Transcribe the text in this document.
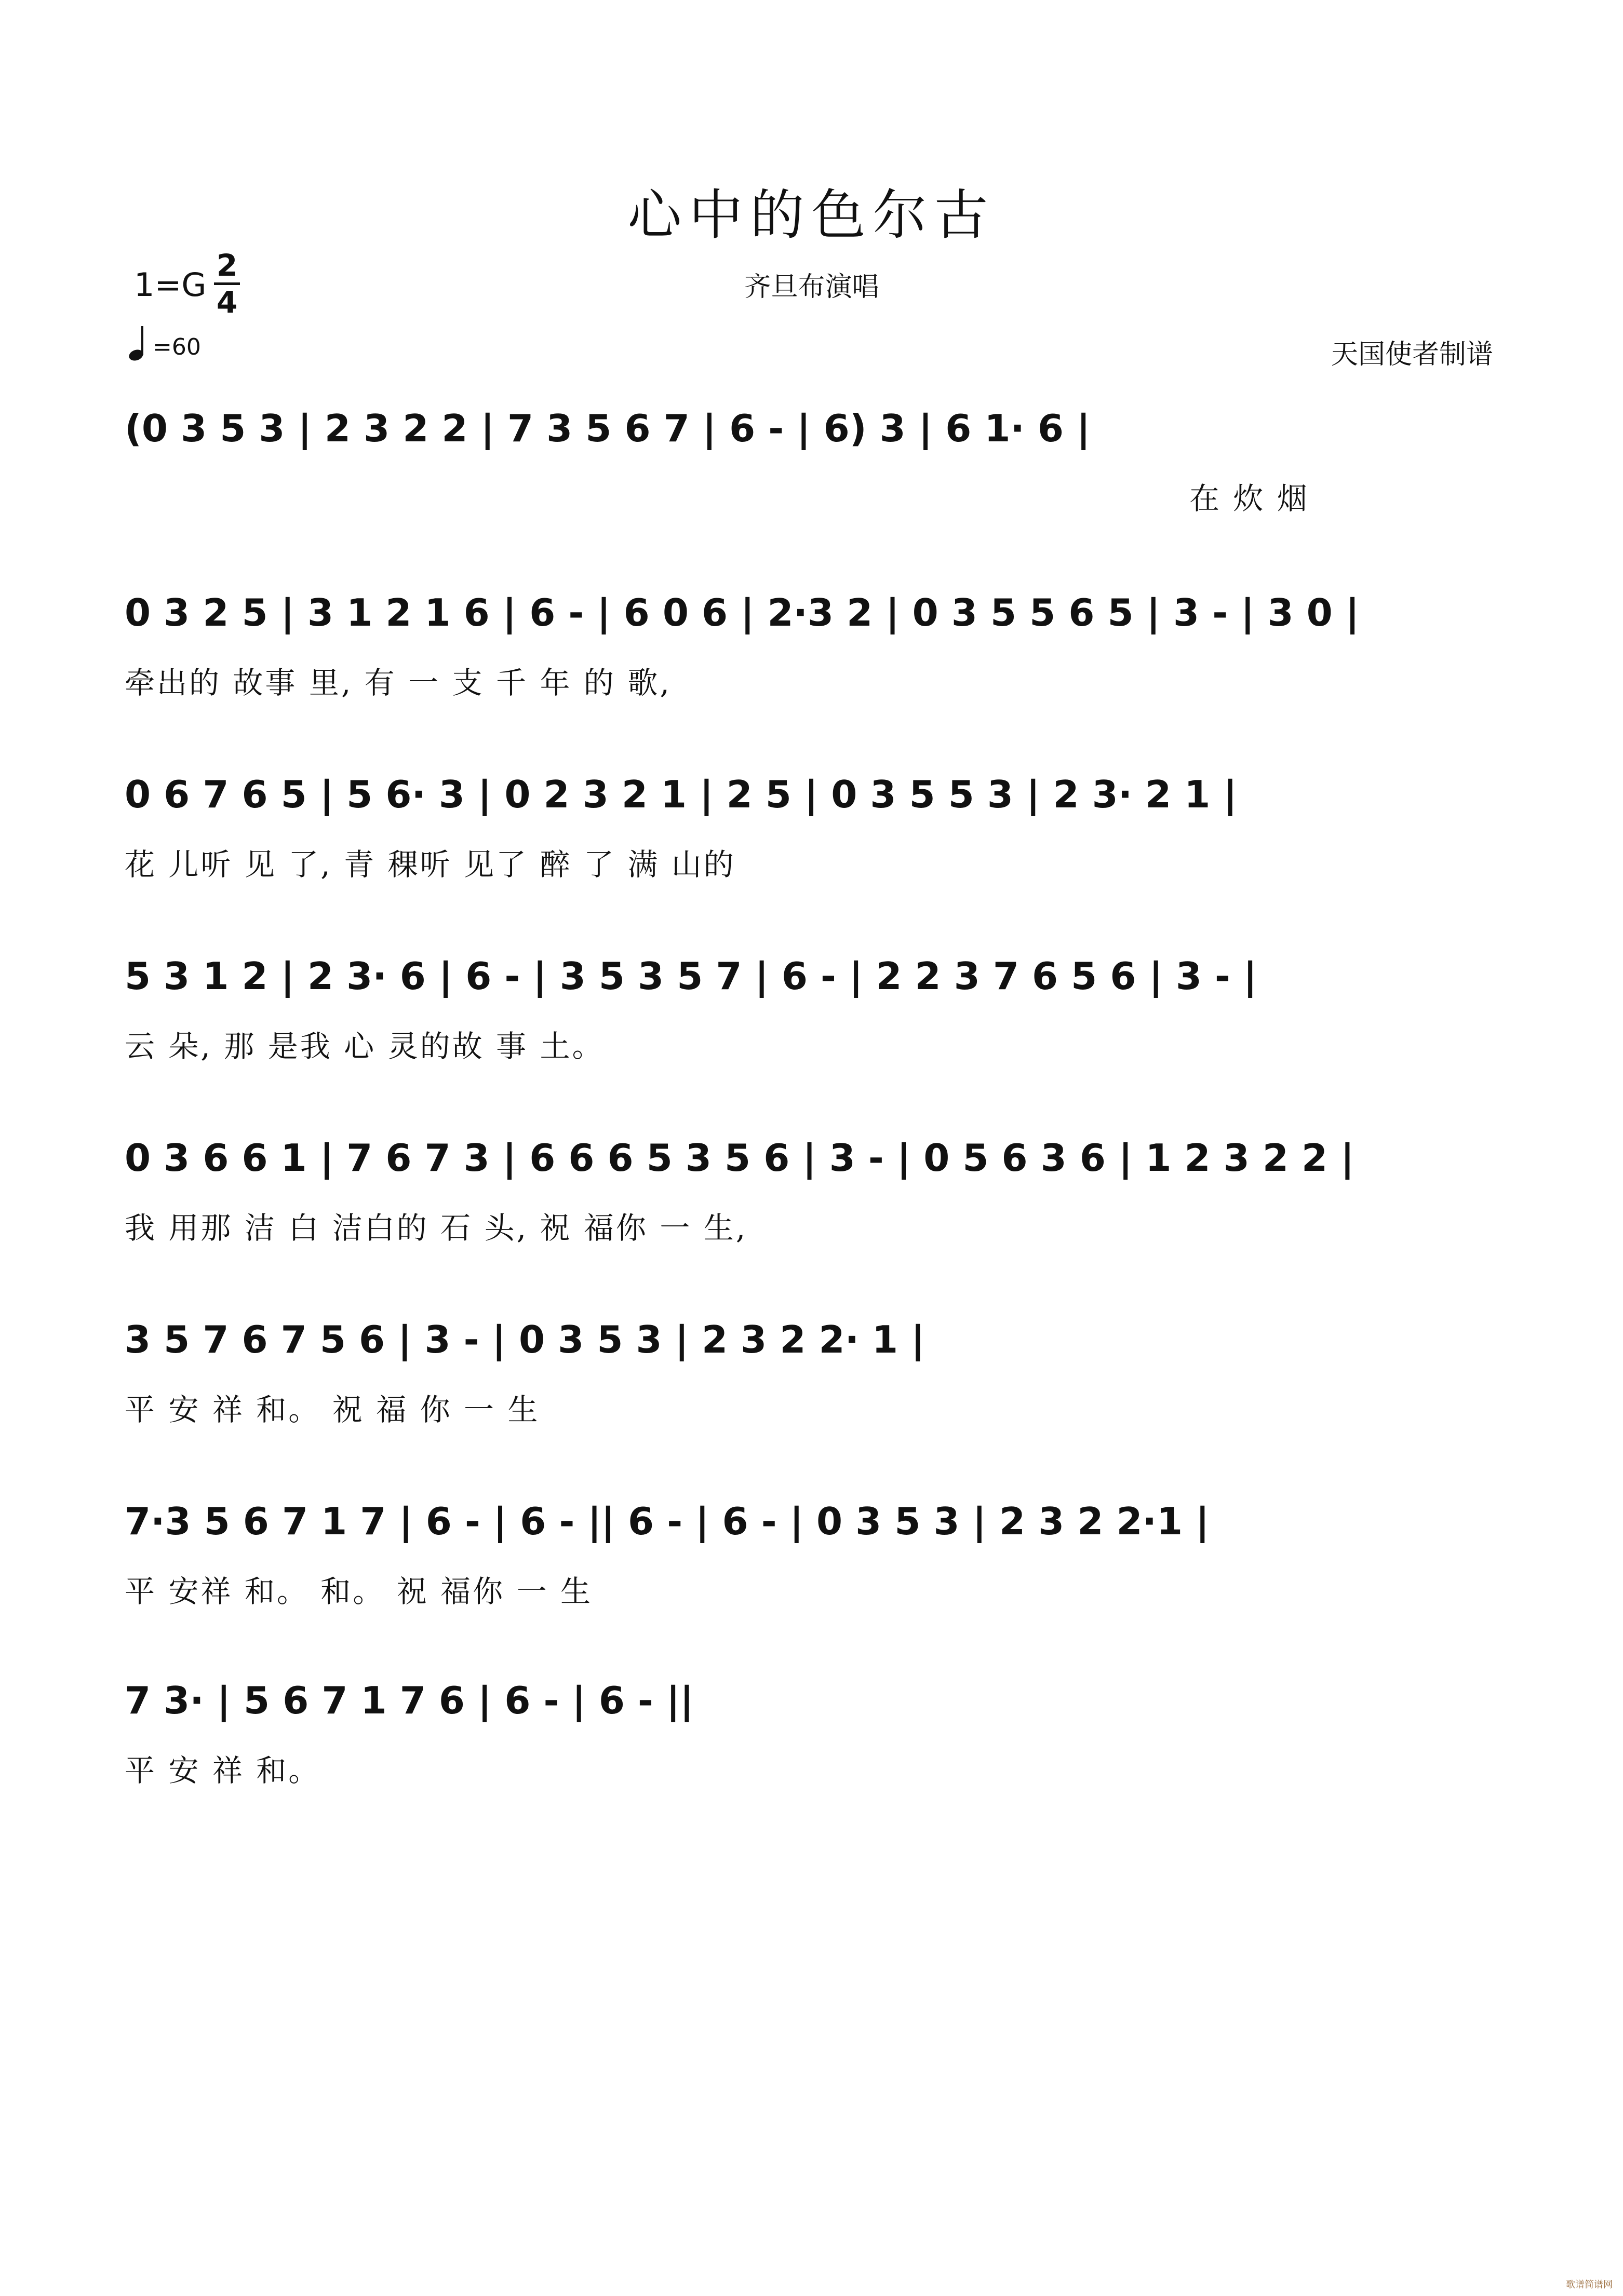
心中的色尔古
齐旦布演唱
天国使者制谱
1=G
2
4
=60
(0 3 5 3 | 2 3 2 2 | 7 3 5 6 7 | 6 - | 6) 3 | 6 1· 6 |
在 炊 烟
0 3 2 5 | 3 1 2 1 6 | 6 - | 6 0 6 | 2·3 2 | 0 3 5 5 6 5 | 3 - | 3 0 |
牵出的 故事 里, 有 一 支 千 年 的 歌,
0 6 7 6 5 | 5 6· 3 | 0 2 3 2 1 | 2 5 | 0 3 5 5 3 | 2 3· 2 1 |
花 儿听 见 了, 青 稞听 见了 醉 了 满 山的
5 3 1 2 | 2 3· 6 | 6 - | 3 5 3 5 7 | 6 - | 2 2 3 7 6 5 6 | 3 - |
云 朵, 那 是我 心 灵的故 事 土。
0 3 6 6 1 | 7 6 7 3 | 6 6 6 5 3 5 6 | 3 - | 0 5 6 3 6 | 1 2 3 2 2 |
我 用那 洁 白 洁白的 石 头, 祝 福你 一 生,
3 5 7 6 7 5 6 | 3 - | 0 3 5 3 | 2 3 2 2· 1 |
平 安 祥 和。 祝 福 你 一 生
7·3 5 6 7 1 7 | 6 - | 6 - || 6 - | 6 - | 0 3 5 3 | 2 3 2 2·1 |
平 安祥 和。 和。 祝 福你 一 生
7 3· | 5 6 7 1 7 6 | 6 - | 6 - ||
平 安 祥 和。
歌谱简谱网
